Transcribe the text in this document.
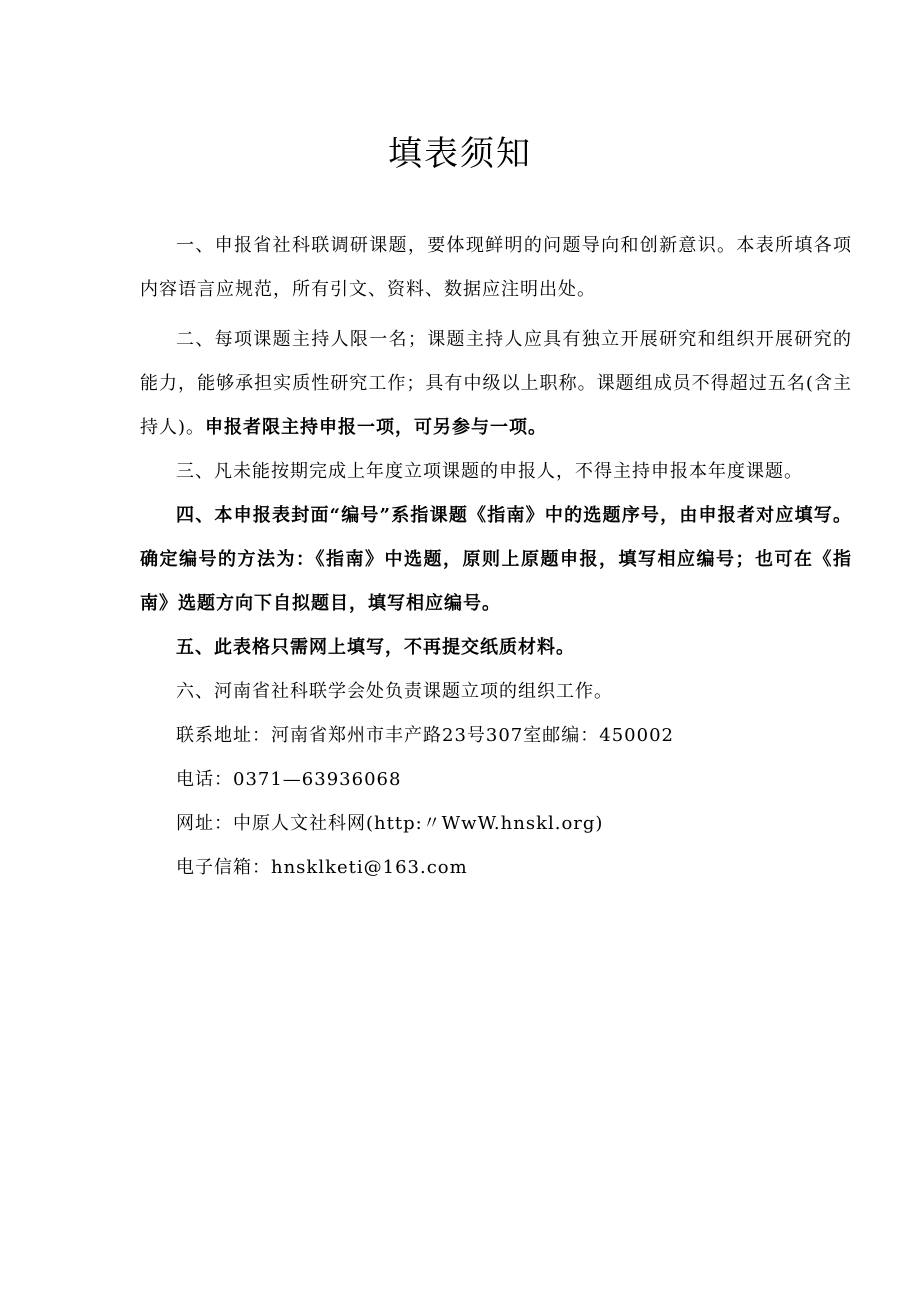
填表须知

一、申报省社科联调研课题，要体现鲜明的问题导向和创新意识。本表所填各项内容语言应规范，所有引文、资料、数据应注明出处。

二、每项课题主持人限一名；课题主持人应具有独立开展研究和组织开展研究的能力，能够承担实质性研究工作；具有中级以上职称。课题组成员不得超过五名(含主持人)。申报者限主持申报一项，可另参与一项。

三、凡未能按期完成上年度立项课题的申报人，不得主持申报本年度课题。

四、本申报表封面“编号”系指课题《指南》中的选题序号，由申报者对应填写。确定编号的方法为：《指南》中选题，原则上原题申报，填写相应编号；也可在《指南》选题方向下自拟题目，填写相应编号。

五、此表格只需网上填写，不再提交纸质材料。

六、河南省社科联学会处负责课题立项的组织工作。

联系地址：河南省郑州市丰产路23号307室邮编：450002

电话：0371—63936068

网址：中原人文社科网(http:〃WwW.hnskl.org)

电子信箱：hnsklketi@163.com
